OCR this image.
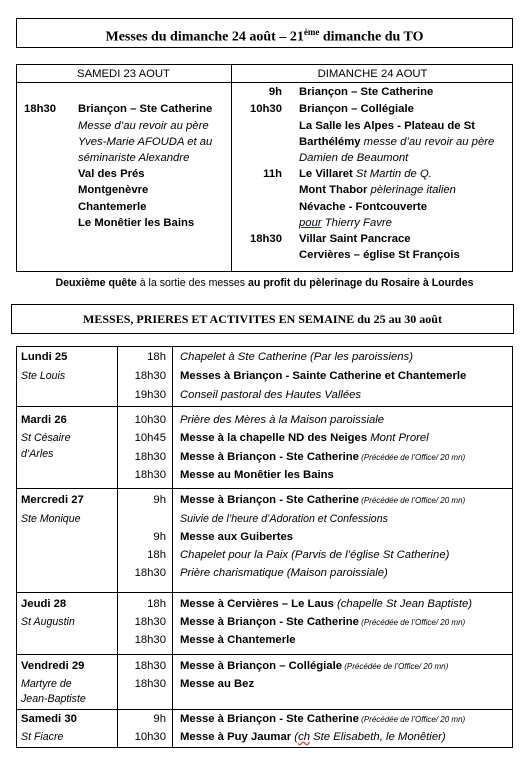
Messes du dimanche 24 août – 21ème dimanche du TO
SAMEDI 23 AOUT	DIMANCHE 24 AOUT
18h30 Briançon – Ste Catherine
Messe d’au revoir au père
Yves-Marie AFOUDA et au
séminariste Alexandre
Val des Prés
Montgenèvre
Chantemerle
Le Monêtier les Bains
9h Briançon – Ste Catherine
10h30 Briançon – Collégiale
La Salle les Alpes - Plateau de St
Barthélémy messe d’au revoir au père
Damien de Beaumont
11h Le Villaret St Martin de Q.
Mont Thabor pèlerinage italien
Névache - Fontcouverte
pour Thierry Favre
18h30 Villar Saint Pancrace
Cervières – église St François
Deuxième quête à la sortie des messes au profit du pèlerinage du Rosaire à Lourdes
MESSES, PRIERES ET ACTIVITES EN SEMAINE du 25 au 30 août
Lundi 25
Ste Louis
18h Chapelet à Ste Catherine (Par les paroissiens)
18h30 Messes à Briançon - Sainte Catherine et Chantemerle
19h30 Conseil pastoral des Hautes Vallées
Mardi 26
St Césaire
d’Arles
10h30 Prière des Mères à la Maison paroissiale
10h45 Messe à la chapelle ND des Neiges Mont Prorel
18h30 Messe à Briançon - Ste Catherine (Précédée de l’Office/ 20 mn)
18h30 Messe au Monêtier les Bains
Mercredi 27
Ste Monique
9h Messe à Briançon - Ste Catherine (Précédée de l’Office/ 20 mn)
Suivie de l’heure d’Adoration et Confessions
9h Messe aux Guibertes
18h Chapelet pour la Paix (Parvis de l’église St Catherine)
18h30 Prière charismatique (Maison paroissiale)
Jeudi 28
St Augustin
18h Messe à Cervières – Le Laus (chapelle St Jean Baptiste)
18h30 Messe à Briançon - Ste Catherine (Précédée de l’Office/ 20 mn)
18h30 Messe à Chantemerle
Vendredi 29
Martyre de
Jean-Baptiste
18h30 Messe à Briançon – Collégiale (Précédée de l’Office/ 20 mn)
18h30 Messe au Bez
Samedi 30
St Fiacre
9h Messe à Briançon - Ste Catherine (Précédée de l’Office/ 20 mn)
10h30 Messe à Puy Jaumar (ch Ste Elisabeth, le Monêtier)
